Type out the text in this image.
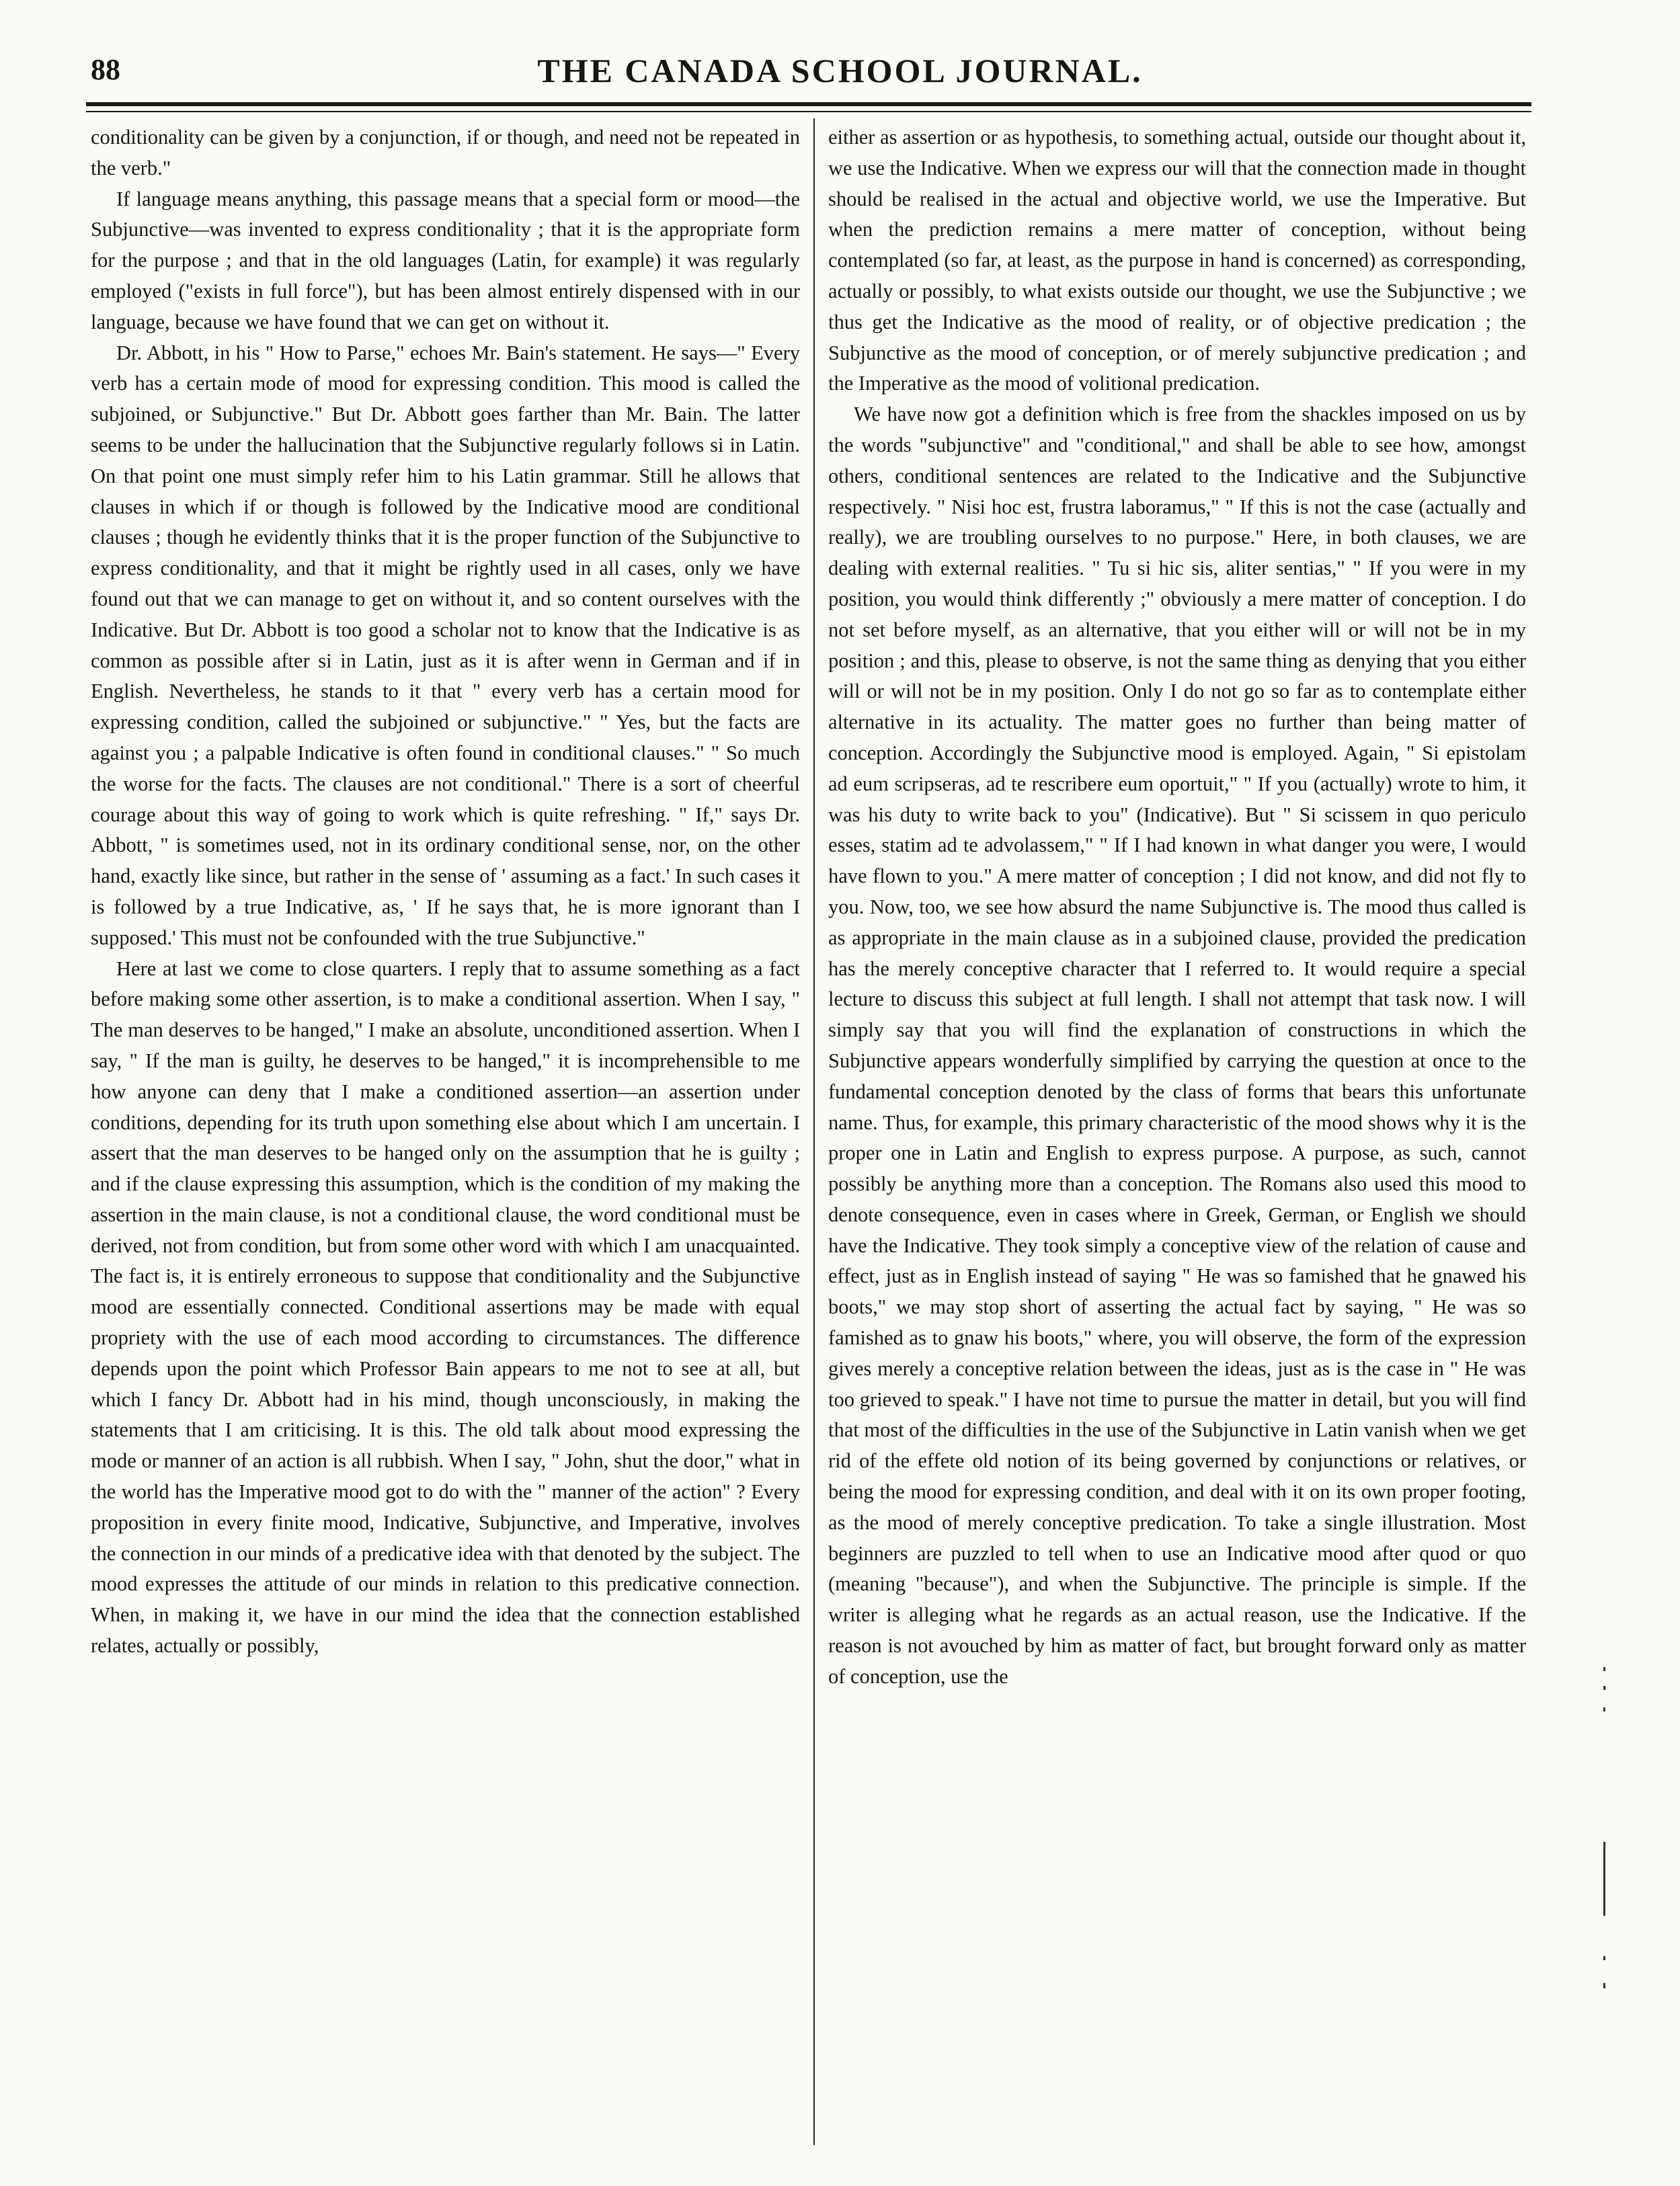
88	THE CANADA SCHOOL JOURNAL.

conditionality can be given by a conjunction, if or though, and need not be repeated in the verb."

If language means anything, this passage means that a special form or mood—the Subjunctive—was invented to express conditionality ; that it is the appropriate form for the purpose ; and that in the old languages (Latin, for example) it was regularly employed ("exists in full force"), but has been almost entirely dispensed with in our language, because we have found that we can get on without it.

Dr. Abbott, in his " How to Parse," echoes Mr. Bain's statement. He says—" Every verb has a certain mode of mood for expressing condition. This mood is called the subjoined, or Subjunctive." But Dr. Abbott goes farther than Mr. Bain. The latter seems to be under the hallucination that the Subjunctive regularly follows si in Latin. On that point one must simply refer him to his Latin grammar. Still he allows that clauses in which if or though is followed by the Indicative mood are conditional clauses ; though he evidently thinks that it is the proper function of the Subjunctive to express conditionality, and that it might be rightly used in all cases, only we have found out that we can manage to get on without it, and so content ourselves with the Indicative. But Dr. Abbott is too good a scholar not to know that the Indicative is as common as possible after si in Latin, just as it is after wenn in German and if in English. Nevertheless, he stands to it that " every verb has a certain mood for expressing condition, called the subjoined or subjunctive." " Yes, but the facts are against you ; a palpable Indicative is often found in conditional clauses." " So much the worse for the facts. The clauses are not conditional." There is a sort of cheerful courage about this way of going to work which is quite refreshing. " If," says Dr. Abbott, " is sometimes used, not in its ordinary conditional sense, nor, on the other hand, exactly like since, but rather in the sense of ' assuming as a fact.' In such cases it is followed by a true Indicative, as, ' If he says that, he is more ignorant than I supposed.' This must not be confounded with the true Subjunctive."

Here at last we come to close quarters. I reply that to assume something as a fact before making some other assertion, is to make a conditional assertion. When I say, " The man deserves to be hanged," I make an absolute, unconditioned assertion. When I say, " If the man is guilty, he deserves to be hanged," it is incomprehensible to me how anyone can deny that I make a conditioned assertion—an assertion under conditions, depending for its truth upon something else about which I am uncertain. I assert that the man deserves to be hanged only on the assumption that he is guilty ; and if the clause expressing this assumption, which is the condition of my making the assertion in the main clause, is not a conditional clause, the word conditional must be derived, not from condition, but from some other word with which I am unacquainted. The fact is, it is entirely erroneous to suppose that conditionality and the Subjunctive mood are essentially connected. Conditional assertions may be made with equal propriety with the use of each mood according to circumstances. The difference depends upon the point which Professor Bain appears to me not to see at all, but which I fancy Dr. Abbott had in his mind, though unconsciously, in making the statements that I am criticising. It is this. The old talk about mood expressing the mode or manner of an action is all rubbish. When I say, " John, shut the door," what in the world has the Imperative mood got to do with the " manner of the action" ? Every proposition in every finite mood, Indicative, Subjunctive, and Imperative, involves the connection in our minds of a predicative idea with that denoted by the subject. The mood expresses the attitude of our minds in relation to this predicative connection. When, in making it, we have in our mind the idea that the connection established relates, actually or possibly,

either as assertion or as hypothesis, to something actual, outside our thought about it, we use the Indicative. When we express our will that the connection made in thought should be realised in the actual and objective world, we use the Imperative. But when the prediction remains a mere matter of conception, without being contemplated (so far, at least, as the purpose in hand is concerned) as corresponding, actually or possibly, to what exists outside our thought, we use the Subjunctive ; we thus get the Indicative as the mood of reality, or of objective predication ; the Subjunctive as the mood of conception, or of merely subjunctive predication ; and the Imperative as the mood of volitional predication.

We have now got a definition which is free from the shackles imposed on us by the words "subjunctive" and "conditional," and shall be able to see how, amongst others, conditional sentences are related to the Indicative and the Subjunctive respectively. " Nisi hoc est, frustra laboramus," " If this is not the case (actually and really), we are troubling ourselves to no purpose." Here, in both clauses, we are dealing with external realities. " Tu si hic sis, aliter sentias," " If you were in my position, you would think differently ;" obviously a mere matter of conception. I do not set before myself, as an alternative, that you either will or will not be in my position ; and this, please to observe, is not the same thing as denying that you either will or will not be in my position. Only I do not go so far as to contemplate either alternative in its actuality. The matter goes no further than being matter of conception. Accordingly the Subjunctive mood is employed. Again, " Si epistolam ad eum scripseras, ad te rescribere eum oportuit," " If you (actually) wrote to him, it was his duty to write back to you" (Indicative). But " Si scissem in quo periculo esses, statim ad te advolassem," " If I had known in what danger you were, I would have flown to you." A mere matter of conception ; I did not know, and did not fly to you. Now, too, we see how absurd the name Subjunctive is. The mood thus called is as appropriate in the main clause as in a subjoined clause, provided the predication has the merely conceptive character that I referred to. It would require a special lecture to discuss this subject at full length. I shall not attempt that task now. I will simply say that you will find the explanation of constructions in which the Subjunctive appears wonderfully simplified by carrying the question at once to the fundamental conception denoted by the class of forms that bears this unfortunate name. Thus, for example, this primary characteristic of the mood shows why it is the proper one in Latin and English to express purpose. A purpose, as such, cannot possibly be anything more than a conception. The Romans also used this mood to denote consequence, even in cases where in Greek, German, or English we should have the Indicative. They took simply a conceptive view of the relation of cause and effect, just as in English instead of saying " He was so famished that he gnawed his boots," we may stop short of asserting the actual fact by saying, " He was so famished as to gnaw his boots," where, you will observe, the form of the expression gives merely a conceptive relation between the ideas, just as is the case in " He was too grieved to speak." I have not time to pursue the matter in detail, but you will find that most of the difficulties in the use of the Subjunctive in Latin vanish when we get rid of the effete old notion of its being governed by conjunctions or relatives, or being the mood for expressing condition, and deal with it on its own proper footing, as the mood of merely conceptive predication. To take a single illustration. Most beginners are puzzled to tell when to use an Indicative mood after quod or quo (meaning "because"), and when the Subjunctive. The principle is simple. If the writer is alleging what he regards as an actual reason, use the Indicative. If the reason is not avouched by him as matter of fact, but brought forward only as matter of conception, use the
